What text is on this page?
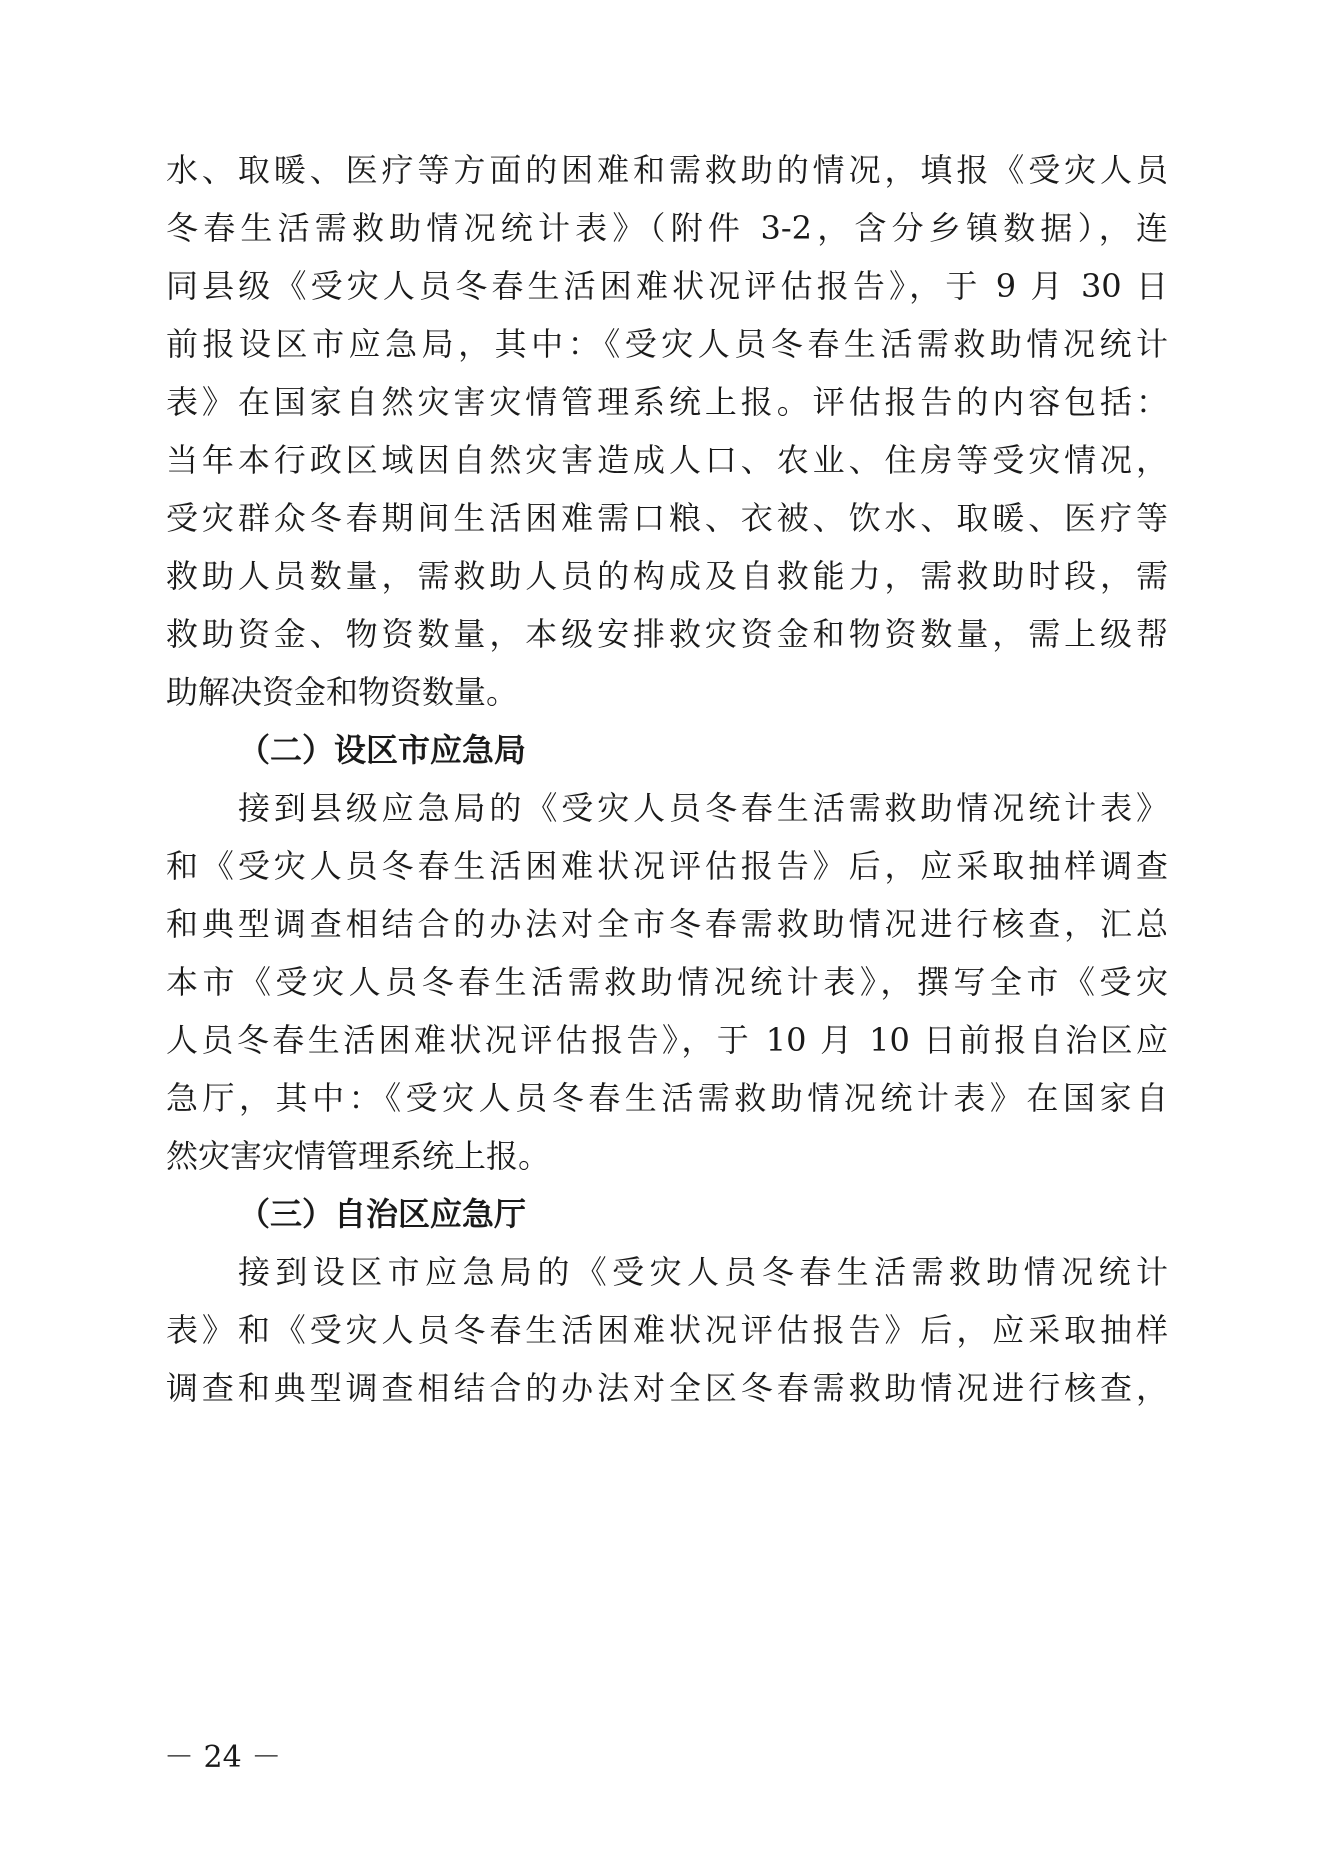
水、取暖、医疗等方面的困难和需救助的情况，填报《受灾人员
冬春生活需救助情况统计表》（附件 3-2，含分乡镇数据），连
同县级《受灾人员冬春生活困难状况评估报告》，于 9 月 30 日
前报设区市应急局，其中：《受灾人员冬春生活需救助情况统计
表》在国家自然灾害灾情管理系统上报。评估报告的内容包括：
当年本行政区域因自然灾害造成人口、农业、住房等受灾情况，
受灾群众冬春期间生活困难需口粮、衣被、饮水、取暖、医疗等
救助人员数量，需救助人员的构成及自救能力，需救助时段，需
救助资金、物资数量，本级安排救灾资金和物资数量，需上级帮
助解决资金和物资数量。
（二）设区市应急局
接到县级应急局的《受灾人员冬春生活需救助情况统计表》
和《受灾人员冬春生活困难状况评估报告》后，应采取抽样调查
和典型调查相结合的办法对全市冬春需救助情况进行核查，汇总
本市《受灾人员冬春生活需救助情况统计表》，撰写全市《受灾
人员冬春生活困难状况评估报告》，于 10 月 10 日前报自治区应
急厅，其中：《受灾人员冬春生活需救助情况统计表》在国家自
然灾害灾情管理系统上报。
（三）自治区应急厅
接到设区市应急局的《受灾人员冬春生活需救助情况统计
表》和《受灾人员冬春生活困难状况评估报告》后，应采取抽样
调查和典型调查相结合的办法对全区冬春需救助情况进行核查，
－ 24 －
